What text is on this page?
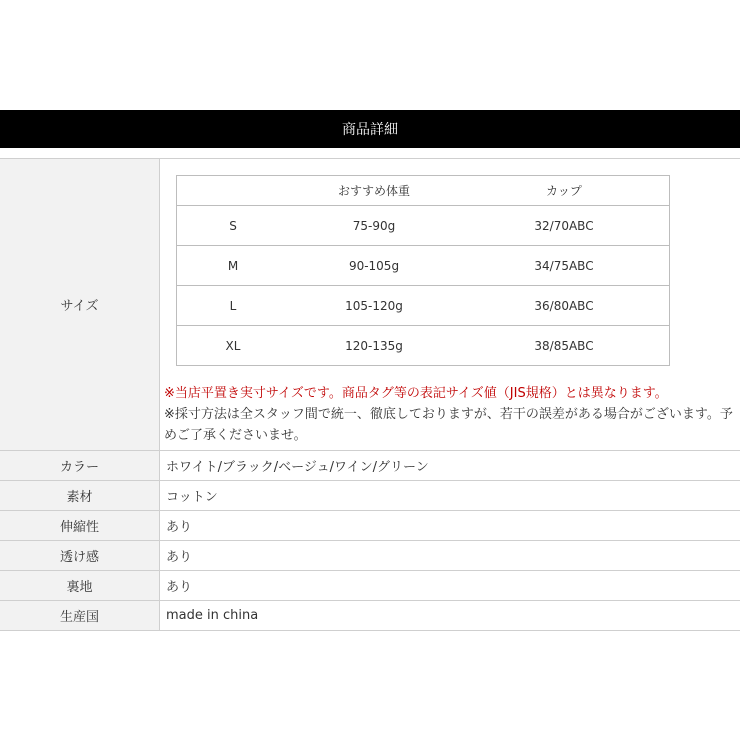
商品詳細
サイズ	
	おすすめ体重	カップ
S	75-90g	32/70ABC
M	90-105g	34/75ABC
L	105-120g	36/80ABC
XL	120-135g	38/85ABC
※当店平置き実寸サイズです。商品タグ等の表記サイズ値（JIS規格）とは異なります。
※採寸方法は全スタッフ間で統一、徹底しておりますが、若干の誤差がある場合がございます。予めご了承くださいませ。

カラー	ホワイト/ブラック/ベージュ/ワイン/グリーン
素材	コットン
伸縮性	あり
透け感	あり
裏地	あり
生産国	made in china
